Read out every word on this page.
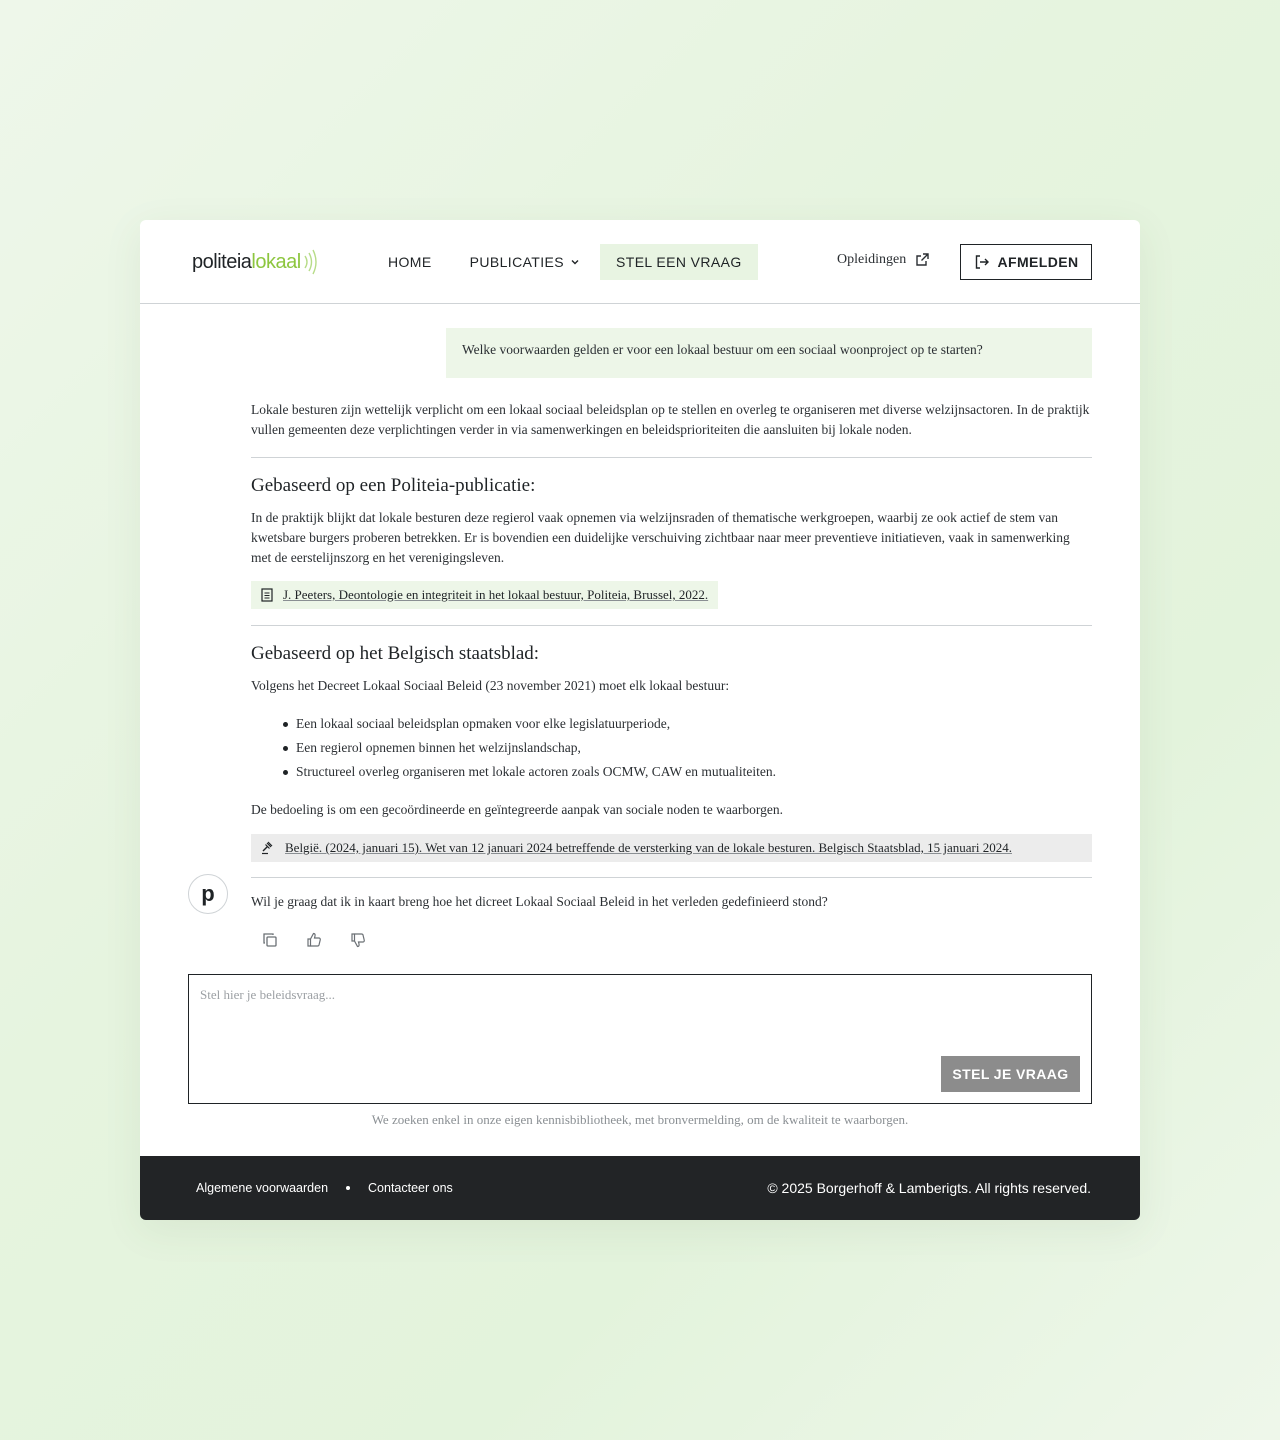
politeia lokaal	HOME	PUBLICATIES	STEL EEN VRAAG	Opleidingen	AFMELDEN
Welke voorwaarden gelden er voor een lokaal bestuur om een sociaal woonproject op te starten?
Lokale besturen zijn wettelijk verplicht om een lokaal sociaal beleidsplan op te stellen en overleg te organiseren met diverse welzijnsactoren. In de praktijk vullen gemeenten deze verplichtingen verder in via samenwerkingen en beleidsprioriteiten die aansluiten bij lokale noden.
Gebaseerd op een Politeia-publicatie:
In de praktijk blijkt dat lokale besturen deze regierol vaak opnemen via welzijnsraden of thematische werkgroepen, waarbij ze ook actief de stem van kwetsbare burgers proberen betrekken. Er is bovendien een duidelijke verschuiving zichtbaar naar meer preventieve initiatieven, vaak in samenwerking met de eerstelijnszorg en het verenigingsleven.
J. Peeters, Deontologie en integriteit in het lokaal bestuur, Politeia, Brussel, 2022.
Gebaseerd op het Belgisch staatsblad:
Volgens het Decreet Lokaal Sociaal Beleid (23 november 2021) moet elk lokaal bestuur:
Een lokaal sociaal beleidsplan opmaken voor elke legislatuurperiode,
Een regierol opnemen binnen het welzijnslandschap,
Structureel overleg organiseren met lokale actoren zoals OCMW, CAW en mutualiteiten.
De bedoeling is om een gecoördineerde en geïntegreerde aanpak van sociale noden te waarborgen.
België. (2024, januari 15). Wet van 12 januari 2024 betreffende de versterking van de lokale besturen. Belgisch Staatsblad, 15 januari 2024.
p	Wil je graag dat ik in kaart breng hoe het dicreet Lokaal Sociaal Beleid in het verleden gedefinieerd stond?
Stel hier je beleidsvraag...
STEL JE VRAAG
We zoeken enkel in onze eigen kennisbibliotheek, met bronvermelding, om de kwaliteit te waarborgen.
Algemene voorwaarden	Contacteer ons	© 2025 Borgerhoff & Lamberigts. All rights reserved.
